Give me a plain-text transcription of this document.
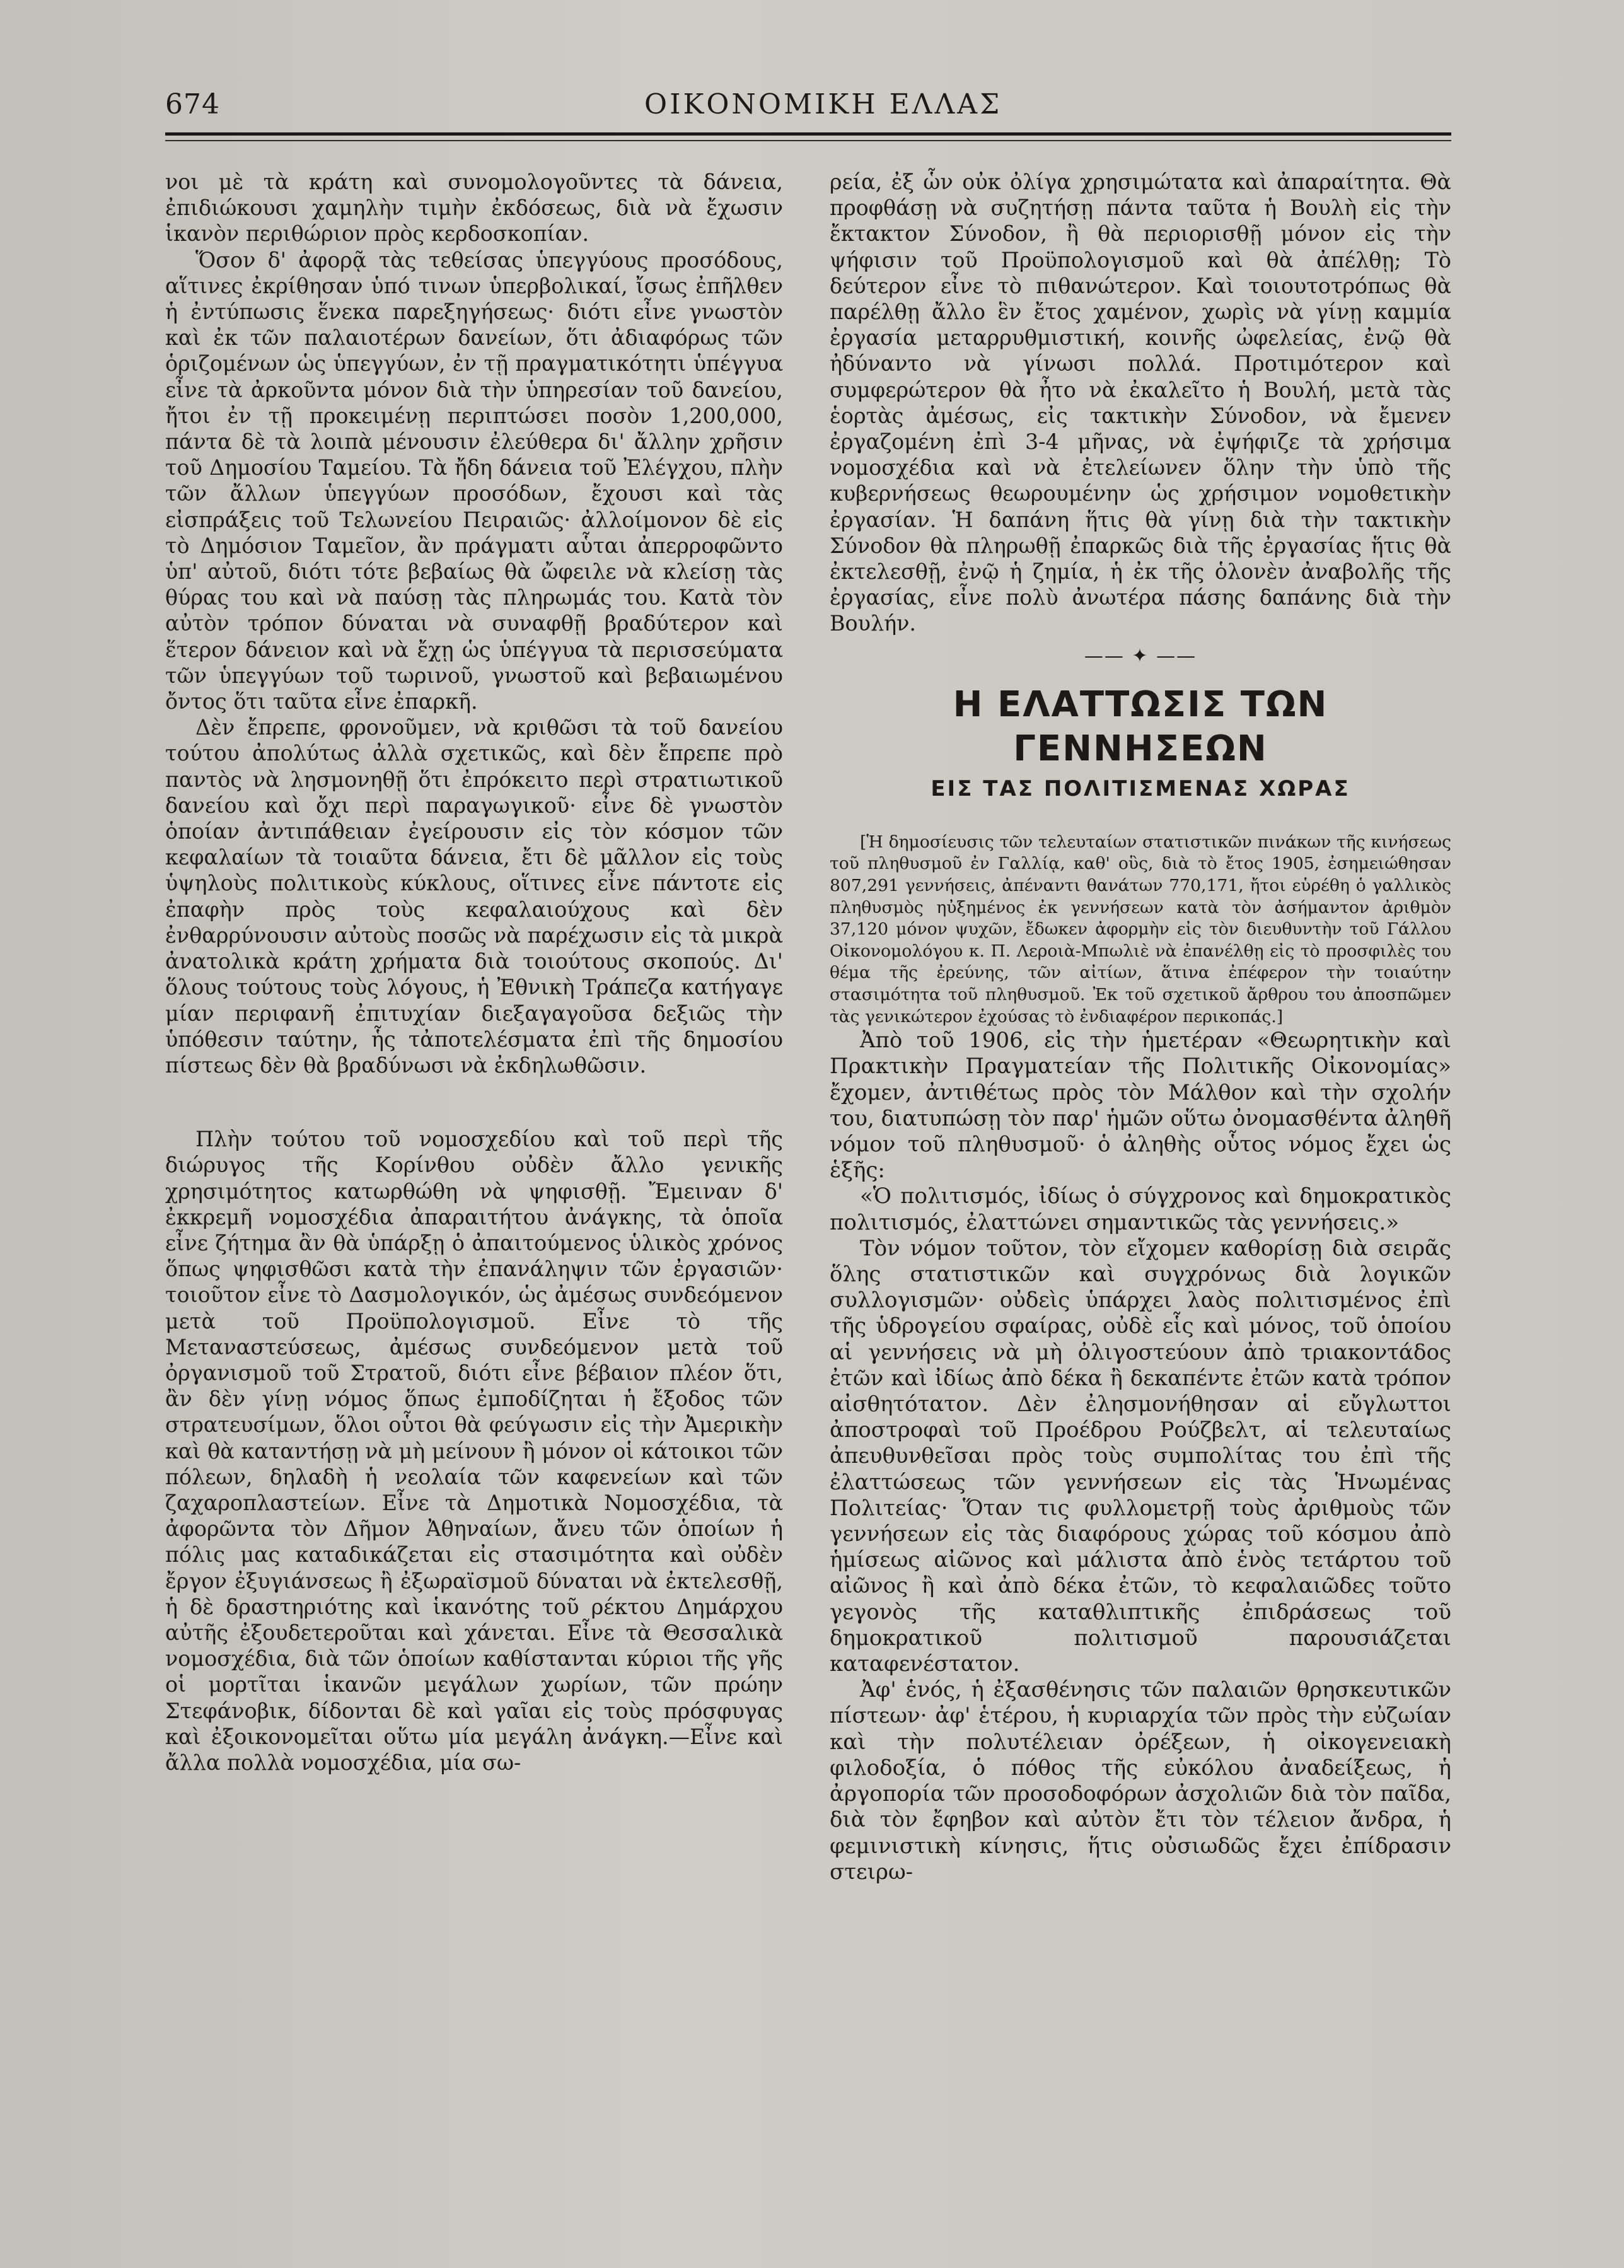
674	ΟΙΚΟΝΟΜΙΚΗ ΕΛΛΑΣ

νοι μὲ τὰ κράτη καὶ συνομολογοῦντες τὰ δάνεια, ἐπιδιώκουσι χαμηλὴν τιμὴν ἐκδόσεως, διὰ νὰ ἔχωσιν ἱκανὸν περιθώριον πρὸς κερδοσκοπίαν.

Ὅσον δ' ἀφορᾷ τὰς τεθείσας ὑπεγγύους προσόδους, αἵτινες ἐκρίθησαν ὑπό τινων ὑπερβολικαί, ἴσως ἐπῆλθεν ἡ ἐντύπωσις ἕνεκα παρεξηγήσεως· διότι εἶνε γνωστὸν καὶ ἐκ τῶν παλαιοτέρων δανείων, ὅτι ἀδιαφόρως τῶν ὁριζομένων ὡς ὑπεγγύων, ἐν τῇ πραγματικότητι ὑπέγγυα εἶνε τὰ ἀρκοῦντα μόνον διὰ τὴν ὑπηρεσίαν τοῦ δανείου, ἤτοι ἐν τῇ προκειμένῃ περιπτώσει ποσὸν 1,200,000, πάντα δὲ τὰ λοιπὰ μένουσιν ἐλεύθερα δι' ἄλλην χρῆσιν τοῦ Δημοσίου Ταμείου. Τὰ ἤδη δάνεια τοῦ Ἐλέγχου, πλὴν τῶν ἄλλων ὑπεγγύων προσόδων, ἔχουσι καὶ τὰς εἰσπράξεις τοῦ Τελωνείου Πειραιῶς· ἀλλοίμονον δὲ εἰς τὸ Δημόσιον Ταμεῖον, ἂν πράγματι αὗται ἀπερροφῶντο ὑπ' αὐτοῦ, διότι τότε βεβαίως θὰ ὤφειλε νὰ κλείσῃ τὰς θύρας του καὶ νὰ παύσῃ τὰς πληρωμάς του. Κατὰ τὸν αὐτὸν τρόπον δύναται νὰ συναφθῇ βραδύτερον καὶ ἕτερον δάνειον καὶ νὰ ἔχῃ ὡς ὑπέγγυα τὰ περισσεύματα τῶν ὑπεγγύων τοῦ τωρινοῦ, γνωστοῦ καὶ βεβαιωμένου ὄντος ὅτι ταῦτα εἶνε ἐπαρκῆ.

Δὲν ἔπρεπε, φρονοῦμεν, νὰ κριθῶσι τὰ τοῦ δανείου τούτου ἀπολύτως ἀλλὰ σχετικῶς, καὶ δὲν ἔπρεπε πρὸ παντὸς νὰ λησμονηθῇ ὅτι ἐπρόκειτο περὶ στρατιωτικοῦ δανείου καὶ ὄχι περὶ παραγωγικοῦ· εἶνε δὲ γνωστὸν ὁποίαν ἀντιπάθειαν ἐγείρουσιν εἰς τὸν κόσμον τῶν κεφαλαίων τὰ τοιαῦτα δάνεια, ἔτι δὲ μᾶλλον εἰς τοὺς ὑψηλοὺς πολιτικοὺς κύκλους, οἵτινες εἶνε πάντοτε εἰς ἐπαφὴν πρὸς τοὺς κεφαλαιούχους καὶ δὲν ἐνθαρρύνουσιν αὐτοὺς ποσῶς νὰ παρέχωσιν εἰς τὰ μικρὰ ἀνατολικὰ κράτη χρήματα διὰ τοιούτους σκοπούς. Δι' ὅλους τούτους τοὺς λόγους, ἡ Ἐθνικὴ Τράπεζα κατήγαγε μίαν περιφανῆ ἐπιτυχίαν διεξαγαγοῦσα δεξιῶς τὴν ὑπόθεσιν ταύτην, ἧς τἀποτελέσματα ἐπὶ τῆς δημοσίου πίστεως δὲν θὰ βραδύνωσι νὰ ἐκδηλωθῶσιν.

Πλὴν τούτου τοῦ νομοσχεδίου καὶ τοῦ περὶ τῆς διώρυγος τῆς Κορίνθου οὐδὲν ἄλλο γενικῆς χρησιμότητος κατωρθώθη νὰ ψηφισθῇ. Ἔμειναν δ' ἐκκρεμῆ νομοσχέδια ἀπαραιτήτου ἀνάγκης, τὰ ὁποῖα εἶνε ζήτημα ἂν θὰ ὑπάρξῃ ὁ ἀπαιτούμενος ὑλικὸς χρόνος ὅπως ψηφισθῶσι κατὰ τὴν ἐπανάληψιν τῶν ἐργασιῶν· τοιοῦτον εἶνε τὸ Δασμολογικόν, ὡς ἀμέσως συνδεόμενον μετὰ τοῦ Προϋπολογισμοῦ. Εἶνε τὸ τῆς Μεταναστεύσεως, ἀμέσως συνδεόμενον μετὰ τοῦ ὀργανισμοῦ τοῦ Στρατοῦ, διότι εἶνε βέβαιον πλέον ὅτι, ἂν δὲν γίνῃ νόμος ὅπως ἐμποδίζηται ἡ ἔξοδος τῶν στρατευσίμων, ὅλοι οὗτοι θὰ φεύγωσιν εἰς τὴν Ἀμερικὴν καὶ θὰ καταντήσῃ νὰ μὴ μείνουν ἢ μόνον οἱ κάτοικοι τῶν πόλεων, δηλαδὴ ἡ νεολαία τῶν καφενείων καὶ τῶν ζαχαροπλαστείων. Εἶνε τὰ Δημοτικὰ Νομοσχέδια, τὰ ἀφορῶντα τὸν Δῆμον Ἀθηναίων, ἄνευ τῶν ὁποίων ἡ πόλις μας καταδικάζεται εἰς στασιμότητα καὶ οὐδὲν ἔργον ἐξυγιάνσεως ἢ ἐξωραϊσμοῦ δύναται νὰ ἐκτελεσθῇ, ἡ δὲ δραστηριότης καὶ ἱκανότης τοῦ ρέκτου Δημάρχου αὐτῆς ἐξουδετεροῦται καὶ χάνεται. Εἶνε τὰ Θεσσαλικὰ νομοσχέδια, διὰ τῶν ὁποίων καθίστανται κύριοι τῆς γῆς οἱ μορτῖται ἱκανῶν μεγάλων χωρίων, τῶν πρώην Στεφάνοβικ, δίδονται δὲ καὶ γαῖαι εἰς τοὺς πρόσφυγας καὶ ἐξοικονομεῖται οὕτω μία μεγάλη ἀνάγκη.—Εἶνε καὶ ἄλλα πολλὰ νομοσχέδια, μία σω-

ρεία, ἐξ ὧν οὐκ ὀλίγα χρησιμώτατα καὶ ἀπαραίτητα. Θὰ προφθάσῃ νὰ συζητήσῃ πάντα ταῦτα ἡ Βουλὴ εἰς τὴν ἔκτακτον Σύνοδον, ἢ θὰ περιορισθῇ μόνον εἰς τὴν ψήφισιν τοῦ Προϋπολογισμοῦ καὶ θὰ ἀπέλθῃ; Τὸ δεύτερον εἶνε τὸ πιθανώτερον. Καὶ τοιουτοτρόπως θὰ παρέλθῃ ἄλλο ἓν ἔτος χαμένον, χωρὶς νὰ γίνῃ καμμία ἐργασία μεταρρυθμιστική, κοινῆς ὠφελείας, ἐνῷ θὰ ἠδύναντο νὰ γίνωσι πολλά. Προτιμότερον καὶ συμφερώτερον θὰ ἦτο νὰ ἐκαλεῖτο ἡ Βουλή, μετὰ τὰς ἑορτὰς ἀμέσως, εἰς τακτικὴν Σύνοδον, νὰ ἔμενεν ἐργαζομένη ἐπὶ 3-4 μῆνας, νὰ ἐψήφιζε τὰ χρήσιμα νομοσχέδια καὶ νὰ ἐτελείωνεν ὅλην τὴν ὑπὸ τῆς κυβερνήσεως θεωρουμένην ὡς χρήσιμον νομοθετικὴν ἐργασίαν. Ἡ δαπάνη ἥτις θὰ γίνῃ διὰ τὴν τακτικὴν Σύνοδον θὰ πληρωθῇ ἐπαρκῶς διὰ τῆς ἐργασίας ἥτις θὰ ἐκτελεσθῇ, ἐνῷ ἡ ζημία, ἡ ἐκ τῆς ὁλονὲν ἀναβολῆς τῆς ἐργασίας, εἶνε πολὺ ἀνωτέρα πάσης δαπάνης διὰ τὴν Βουλήν.

—— ✦ ——
Η ΕΛΑΤΤΩΣΙΣ ΤΩΝ ΓΕΝΝΗΣΕΩΝ
ΕΙΣ ΤΑΣ ΠΟΛΙΤΙΣΜΕΝΑΣ ΧΩΡΑΣ

[Ἡ δημοσίευσις τῶν τελευταίων στατιστικῶν πινάκων τῆς κινήσεως τοῦ πληθυσμοῦ ἐν Γαλλίᾳ, καθ' οὓς, διὰ τὸ ἔτος 1905, ἐσημειώθησαν 807,291 γεννήσεις, ἀπέναντι θανάτων 770,171, ἤτοι εὑρέθη ὁ γαλλικὸς πληθυσμὸς ηὐξημένος ἐκ γεννήσεων κατὰ τὸν ἀσήμαντον ἀριθμὸν 37,120 μόνον ψυχῶν, ἔδωκεν ἀφορμὴν εἰς τὸν διευθυντὴν τοῦ Γάλλου Οἰκονομολόγου κ. Π. Λεροιὰ-Μπωλιὲ νὰ ἐπανέλθῃ εἰς τὸ προσφιλὲς του θέμα τῆς ἐρεύνης, τῶν αἰτίων, ἅτινα ἐπέφερον τὴν τοιαύτην στασιμότητα τοῦ πληθυσμοῦ. Ἐκ τοῦ σχετικοῦ ἄρθρου του ἀποσπῶμεν τὰς γενικώτερον ἐχούσας τὸ ἐνδιαφέρον περικοπάς.]

Ἀπὸ τοῦ 1906, εἰς τὴν ἡμετέραν «Θεωρητικὴν καὶ Πρακτικὴν Πραγματείαν τῆς Πολιτικῆς Οἰκονομίας» ἔχομεν, ἀντιθέτως πρὸς τὸν Μάλθον καὶ τὴν σχολήν του, διατυπώσῃ τὸν παρ' ἡμῶν οὕτω ὀνομασθέντα ἀληθῆ νόμον τοῦ πληθυσμοῦ· ὁ ἀληθὴς οὗτος νόμος ἔχει ὡς ἑξῆς:

«Ὁ πολιτισμός, ἰδίως ὁ σύγχρονος καὶ δημοκρατικὸς πολιτισμός, ἐλαττώνει σημαντικῶς τὰς γεννήσεις.»

Τὸν νόμον τοῦτον, τὸν εἴχομεν καθορίσῃ διὰ σειρᾶς ὅλης στατιστικῶν καὶ συγχρόνως διὰ λογικῶν συλλογισμῶν· οὐδεὶς ὑπάρχει λαὸς πολιτισμένος ἐπὶ τῆς ὑδρογείου σφαίρας, οὐδὲ εἷς καὶ μόνος, τοῦ ὁποίου αἱ γεννήσεις νὰ μὴ ὀλιγοστεύουν ἀπὸ τριακοντάδος ἐτῶν καὶ ἰδίως ἀπὸ δέκα ἢ δεκαπέντε ἐτῶν κατὰ τρόπον αἰσθητότατον. Δὲν ἐλησμονήθησαν αἱ εὔγλωττοι ἀποστροφαὶ τοῦ Προέδρου Ρούζβελτ, αἱ τελευταίως ἀπευθυνθεῖσαι πρὸς τοὺς συμπολίτας του ἐπὶ τῆς ἐλαττώσεως τῶν γεννήσεων εἰς τὰς Ἡνωμένας Πολιτείας· Ὅταν τις φυλλομετρῇ τοὺς ἀριθμοὺς τῶν γεννήσεων εἰς τὰς διαφόρους χώρας τοῦ κόσμου ἀπὸ ἡμίσεως αἰῶνος καὶ μάλιστα ἀπὸ ἑνὸς τετάρτου τοῦ αἰῶνος ἢ καὶ ἀπὸ δέκα ἐτῶν, τὸ κεφαλαιῶδες τοῦτο γεγονὸς τῆς καταθλιπτικῆς ἐπιδράσεως τοῦ δημοκρατικοῦ πολιτισμοῦ παρουσιάζεται καταφενέστατον.

Ἀφ' ἑνός, ἡ ἐξασθένησις τῶν παλαιῶν θρησκευτικῶν πίστεων· ἀφ' ἑτέρου, ἡ κυριαρχία τῶν πρὸς τὴν εὐζωίαν καὶ τὴν πολυτέλειαν ὀρέξεων, ἡ οἰκογενειακὴ φιλοδοξία, ὁ πόθος τῆς εὐκόλου ἀναδείξεως, ἡ ἀργοπορία τῶν προσοδοφόρων ἀσχολιῶν διὰ τὸν παῖδα, διὰ τὸν ἔφηβον καὶ αὐτὸν ἔτι τὸν τέλειον ἄνδρα, ἡ φεμινιστικὴ κίνησις, ἥτις οὐσιωδῶς ἔχει ἐπίδρασιν στειρω-
